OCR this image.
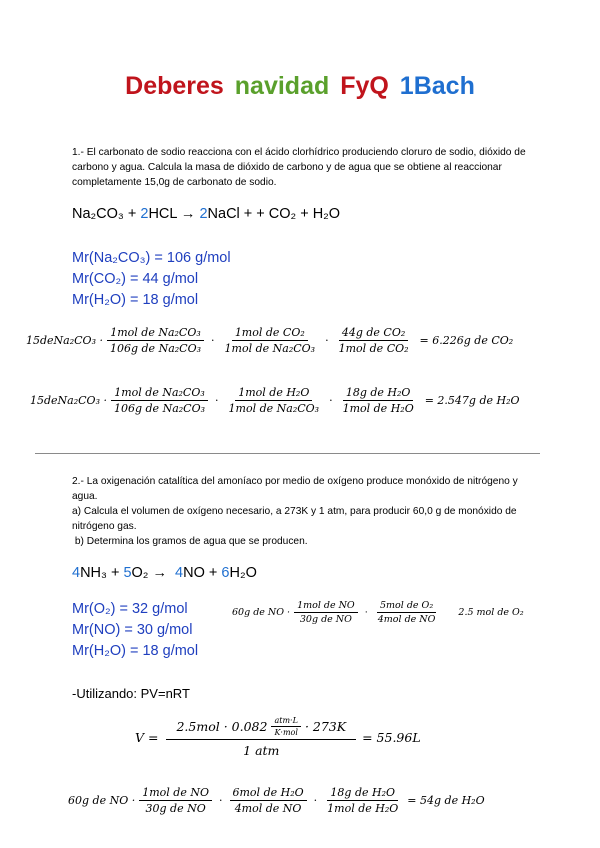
Deberes navidad FyQ 1Bach
1.- El carbonato de sodio reacciona con el ácido clorhídrico produciendo cloruro de sodio, dióxido de carbono y agua. Calcula la masa de dióxido de carbono y de agua que se obtiene al reaccionar completamente 15,0g de carbonato de sodio.
Na₂CO₃ + 2HCL → 2NaCl + + CO₂ + H₂O
Mr(Na₂CO₃) = 106 g/mol
Mr(CO₂) = 44 g/mol
Mr(H₂O) = 18 g/mol
15deNa₂CO₃ · $\frac{\text{1mol de Na₂CO₃}}{\text{106g de Na₂CO₃}} \cdot \frac{\text{1mol de CO₂}}{\text{1mol de Na₂CO₃}} \cdot \frac{\text{44g de CO₂}}{\text{1mol de CO₂}} = 6.226g$ de CO₂
15deNa₂CO₃ · $\frac{\text{1mol de Na₂CO₃}}{\text{106g de Na₂CO₃}} \cdot \frac{\text{1mol de H₂O}}{\text{1mol de Na₂CO₃}} \cdot \frac{\text{18g de H₂O}}{\text{1mol de H₂O}} = 2.547g$ de H₂O
2.- La oxigenación catalítica del amoníaco por medio de oxígeno produce monóxido de nitrógeno y agua.
a) Calcula el volumen de oxígeno necesario, a 273K y 1 atm, para producir 60,0 g de monóxido de nitrógeno gas.
b) Determina los gramos de agua que se producen.
4NH₃ + 5O₂ →  4NO + 6H₂O
Mr(O₂) = 32 g/mol
Mr(NO) = 30 g/mol
Mr(H₂O) = 18 g/mol
60g de NO · $\frac{\text{1mol de NO}}{\text{30g de NO}} \cdot \frac{\text{5mol de O₂}}{\text{4mol de NO}} 2.5$ mol de O₂
-Utilizando: PV=nRT
$V = \frac{2.5mol \cdot 0.082 \frac{\text{atm·L}}{\text{K·mol}} \cdot 273K}{\text{1 atm}} = 55.96L$
60g de NO · $\frac{\text{1mol de NO}}{\text{30g de NO}} \cdot \frac{\text{6mol de H₂O}}{\text{4mol de NO}} \cdot \frac{\text{18g de H₂O}}{\text{1mol de H₂O}} = 54g$ de H₂O
